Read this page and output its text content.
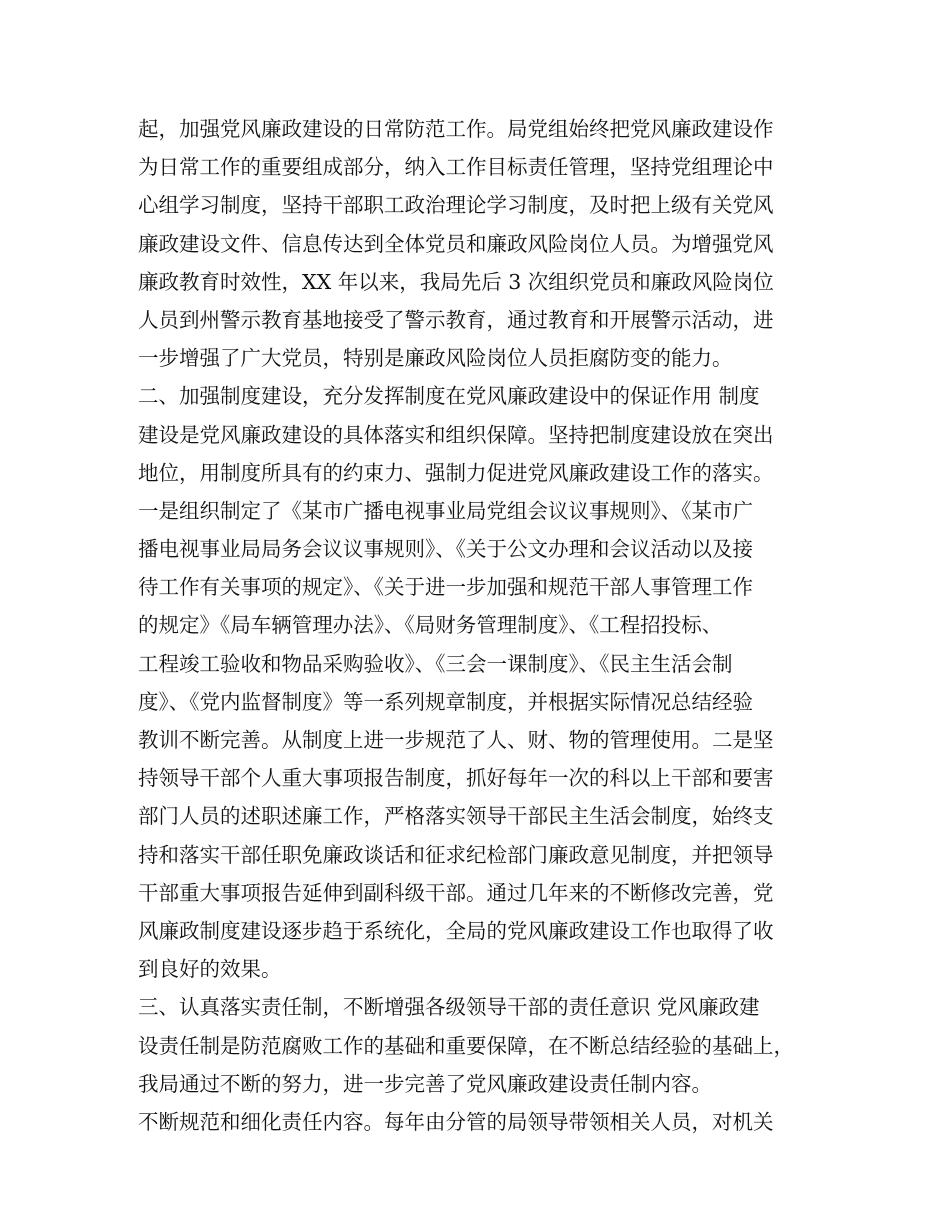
起，加强党风廉政建设的日常防范工作。局党组始终把党风廉政建设作
为日常工作的重要组成部分，纳入工作目标责任管理，坚持党组理论中
心组学习制度，坚持干部职工政治理论学习制度，及时把上级有关党风
廉政建设文件、信息传达到全体党员和廉政风险岗位人员。为增强党风
廉政教育时效性，XX 年以来，我局先后 3 次组织党员和廉政风险岗位
人员到州警示教育基地接受了警示教育，通过教育和开展警示活动，进
一步增强了广大党员，特别是廉政风险岗位人员拒腐防变的能力。
二、加强制度建设，充分发挥制度在党风廉政建设中的保证作用 制度
建设是党风廉政建设的具体落实和组织保障。坚持把制度建设放在突出
地位，用制度所具有的约束力、强制力促进党风廉政建设工作的落实。
一是组织制定了《某市广播电视事业局党组会议议事规则》、《某市广
播电视事业局局务会议议事规则》、《关于公文办理和会议活动以及接
待工作有关事项的规定》、《关于进一步加强和规范干部人事管理工作
的规定》《局车辆管理办法》、《局财务管理制度》、《工程招投标、
工程竣工验收和物品采购验收》、《三会一课制度》、《民主生活会制
度》、《党内监督制度》等一系列规章制度，并根据实际情况总结经验
教训不断完善。从制度上进一步规范了人、财、物的管理使用。二是坚
持领导干部个人重大事项报告制度，抓好每年一次的科以上干部和要害
部门人员的述职述廉工作，严格落实领导干部民主生活会制度，始终支
持和落实干部任职免廉政谈话和征求纪检部门廉政意见制度，并把领导
干部重大事项报告延伸到副科级干部。通过几年来的不断修改完善，党
风廉政制度建设逐步趋于系统化，全局的党风廉政建设工作也取得了收
到良好的效果。
三、认真落实责任制，不断增强各级领导干部的责任意识 党风廉政建
设责任制是防范腐败工作的基础和重要保障，在不断总结经验的基础上，
我局通过不断的努力，进一步完善了党风廉政建设责任制内容。
不断规范和细化责任内容。每年由分管的局领导带领相关人员，对机关
